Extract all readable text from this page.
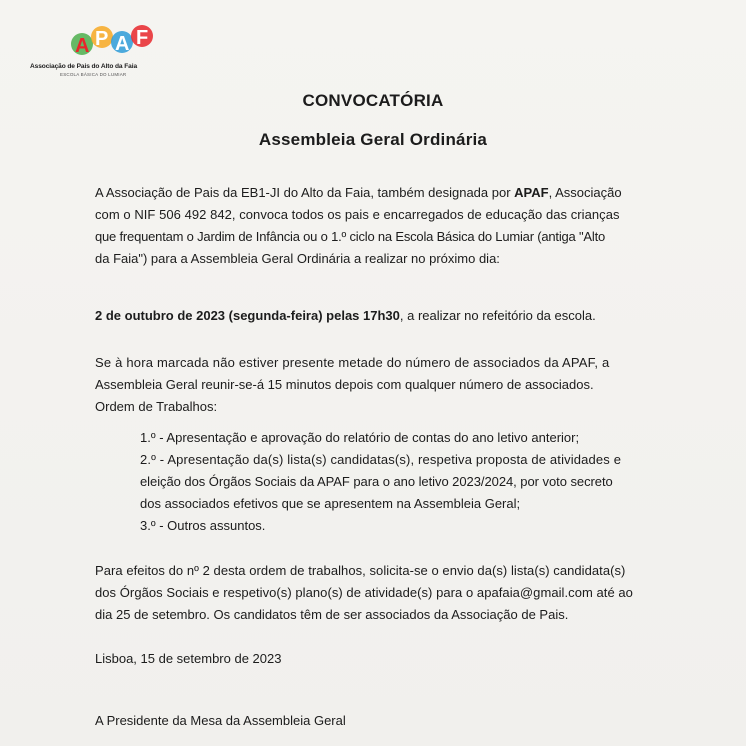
A P A F
Associação de Pais do Alto da Faia
ESCOLA BÁSICA DO LUMIAR
CONVOCATÓRIA
Assembleia Geral Ordinária
A Associação de Pais da EB1-JI do Alto da Faia, também designada por APAF, Associação
com o NIF 506 492 842, convoca todos os pais e encarregados de educação das crianças
que frequentam o Jardim de Infância ou o 1.º ciclo na Escola Básica do Lumiar (antiga "Alto
da Faia") para a Assembleia Geral Ordinária a realizar no próximo dia:
2 de outubro de 2023 (segunda-feira) pelas 17h30, a realizar no refeitório da escola.
Se à hora marcada não estiver presente metade do número de associados da APAF, a
Assembleia Geral reunir-se-á 15 minutos depois com qualquer número de associados.
Ordem de Trabalhos:
1.º - Apresentação e aprovação do relatório de contas do ano letivo anterior;
2.º - Apresentação da(s) lista(s) candidatas(s), respetiva proposta de atividades e
eleição dos Órgãos Sociais da APAF para o ano letivo 2023/2024, por voto secreto
dos associados efetivos que se apresentem na Assembleia Geral;
3.º - Outros assuntos.
Para efeitos do nº 2 desta ordem de trabalhos, solicita-se o envio da(s) lista(s) candidata(s)
dos Órgãos Sociais e respetivo(s) plano(s) de atividade(s) para o apafaia@gmail.com até ao
dia 25 de setembro. Os candidatos têm de ser associados da Associação de Pais.
Lisboa, 15 de setembro de 2023
A Presidente da Mesa da Assembleia Geral
